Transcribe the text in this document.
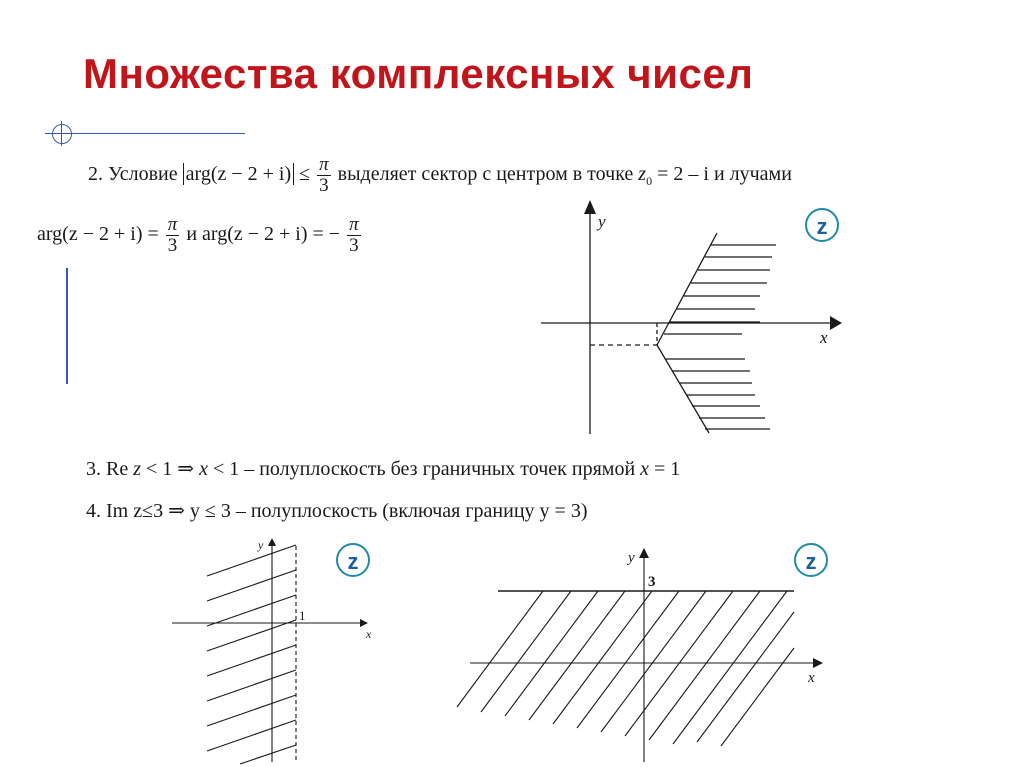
Множества комплексных чисел
2. Условие $arg(z - 2 + i) \le \frac{\pi}{3}$ выделяет сектор с центром в точке $z_0 = 2 - i$ и лучами
$arg(z - 2 + i) = \frac{\pi}{3}$ и arg(z − 2 + i) = − $\frac{\pi}{3}$
3. Re z < 1 ⇒ x < 1 – полуплоскость без граничных точек прямой x = 1
4. Im z≤3 ⇒ y ≤ 3 – полуплоскость (включая границу y = 3)
z
z	z
y
x
y
x
1
y
x
3
